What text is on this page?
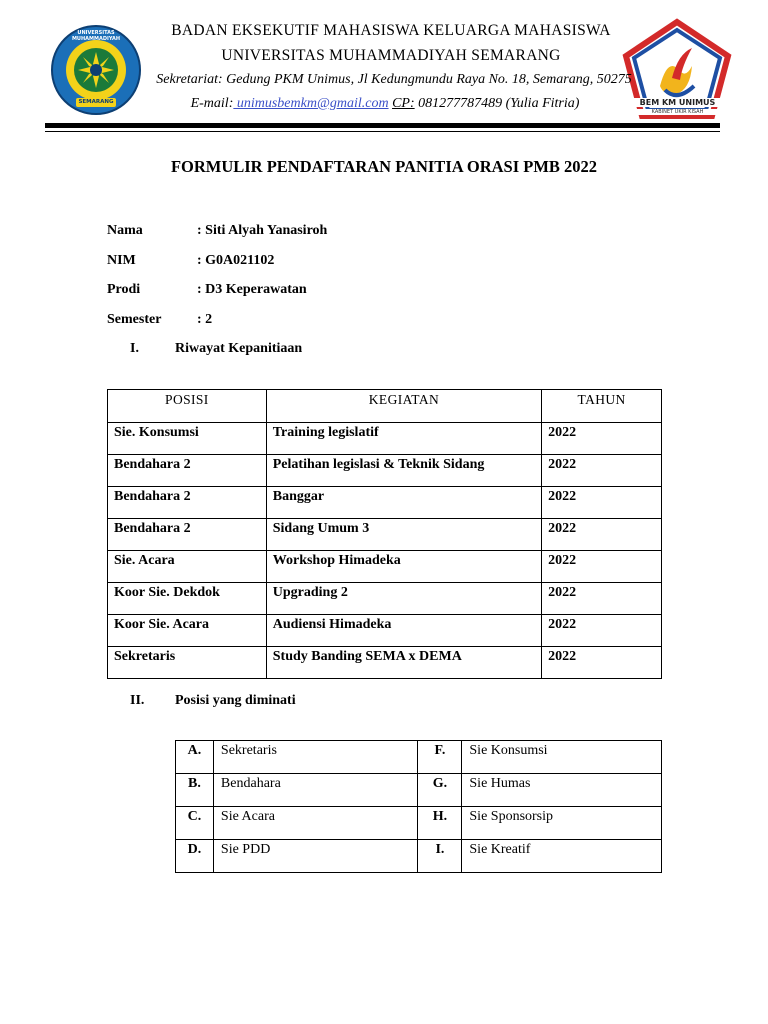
UNIVERSITAS MUHAMMADIYAH
SEMARANG	BEM KM UNIMUS
KABINET UKIR KISAH
BADAN EKSEKUTIF MAHASISWA KELUARGA MAHASISWA
UNIVERSITAS MUHAMMADIYAH SEMARANG
Sekretariat: Gedung PKM Unimus, Jl Kedungmundu Raya No. 18, Semarang, 50275
E-mail: unimusbemkm@gmail.com CP: 081277787489 (Yulia Fitria)
FORMULIR PENDAFTARAN PANITIA ORASI PMB 2022
Nama	: Siti Alyah Yanasiroh
NIM	: G0A021102
Prodi	: D3 Keperawatan
Semester	: 2
I.	Riwayat Kepanitiaan
POSISI	KEGIATAN	TAHUN
Sie. Konsumsi	Training legislatif	2022
Bendahara 2	Pelatihan legislasi & Teknik Sidang	2022
Bendahara 2	Banggar	2022
Bendahara 2	Sidang Umum 3	2022
Sie. Acara	Workshop Himadeka	2022
Koor Sie. Dekdok	Upgrading 2	2022
Koor Sie. Acara	Audiensi Himadeka	2022
Sekretaris	Study Banding SEMA x DEMA	2022
II. Posisi yang diminati
A.	Sekretaris	F.	Sie Konsumsi
B.	Bendahara	G.	Sie Humas
C.	Sie Acara	H.	Sie Sponsorsip
D.	Sie PDD	I.	Sie Kreatif
